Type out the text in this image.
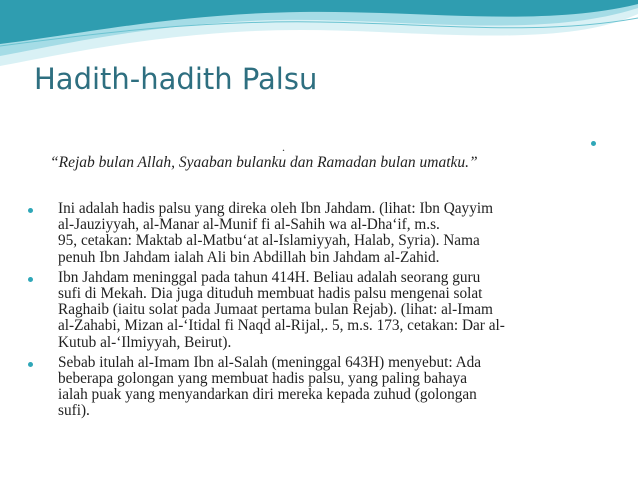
Hadith-hadith Palsu
.
“Rejab bulan Allah, Syaaban bulanku dan Ramadan bulan umatku.”
Ini adalah hadis palsu yang direka oleh Ibn Jahdam. (lihat: Ibn Qayyim
al-Jauziyyah, al-Manar al-Munif fi al-Sahih wa al-Dha‘if, m.s.
95, cetakan: Maktab al-Matbu‘at al-Islamiyyah, Halab, Syria). Nama
penuh Ibn Jahdam ialah Ali bin Abdillah bin Jahdam al-Zahid.
Ibn Jahdam meninggal pada tahun 414H. Beliau adalah seorang guru
sufi di Mekah. Dia juga dituduh membuat hadis palsu mengenai solat
Raghaib (iaitu solat pada Jumaat pertama bulan Rejab). (lihat: al-Imam
al-Zahabi, Mizan al-‘Itidal fi Naqd al-Rijal,. 5, m.s. 173, cetakan: Dar al-
Kutub al-‘Ilmiyyah, Beirut).
Sebab itulah al-Imam Ibn al-Salah (meninggal 643H) menyebut: Ada
beberapa golongan yang membuat hadis palsu, yang paling bahaya
ialah puak yang menyandarkan diri mereka kepada zuhud (golongan
sufi).
